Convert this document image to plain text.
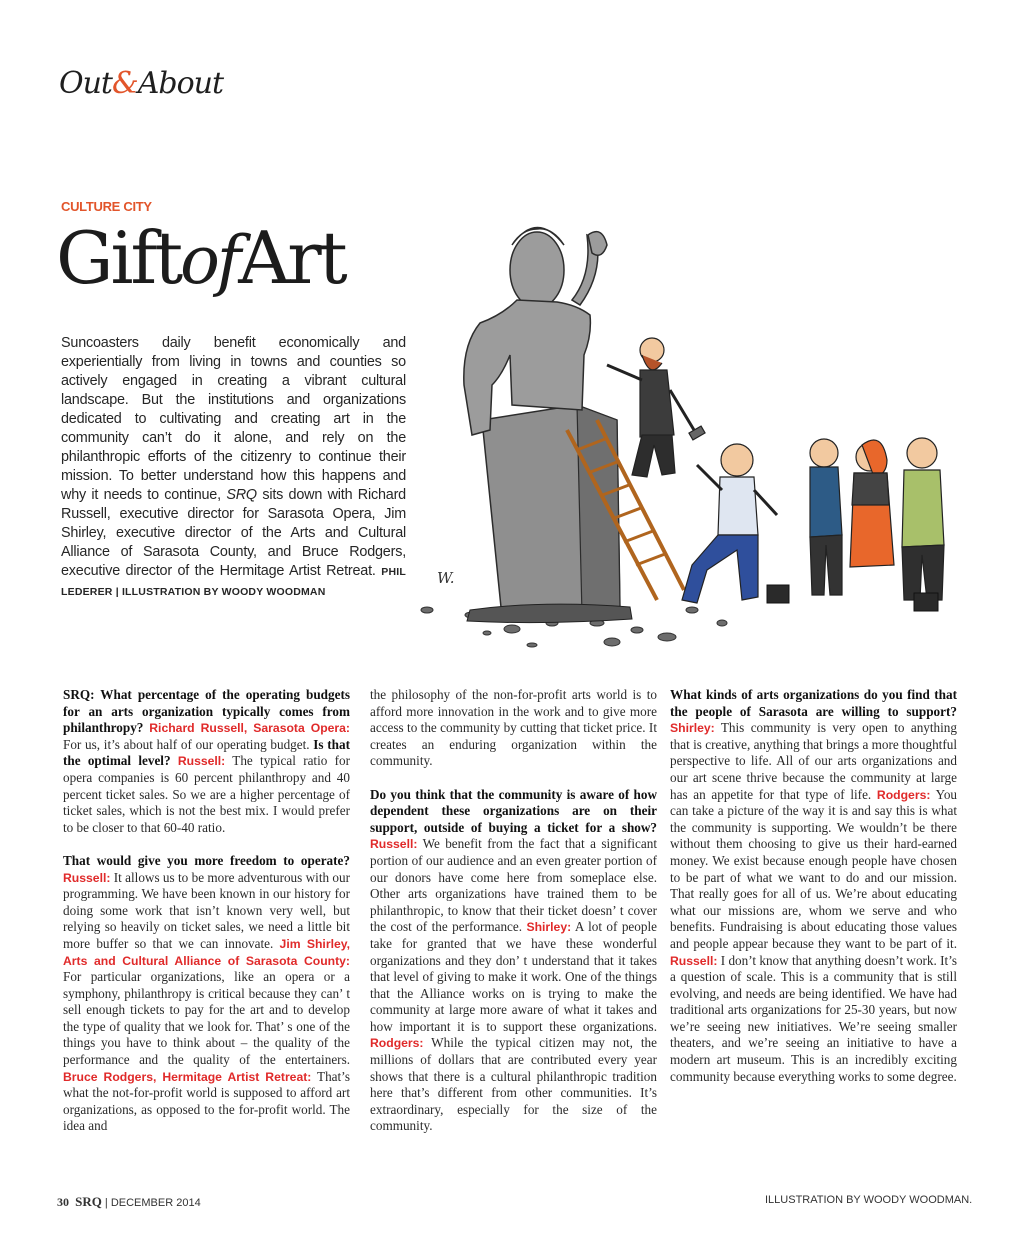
Out&About
CULTURE CITY
GiftofArt
Suncoasters daily benefit economically and experientially from living in towns and counties so actively engaged in creating a vibrant cultural landscape. But the institutions and organizations dedicated to cultivating and creating art in the community can’t do it alone, and rely on the philanthropic efforts of the citizenry to continue their mission. To better understand how this happens and why it needs to continue, SRQ sits down with Richard Russell, executive director for Sarasota Opera, Jim Shirley, executive director of the Arts and Cultural Alliance of Sarasota County, and Bruce Rodgers, executive director of the Hermitage Artist Retreat. PHIL LEDERER | ILLUSTRATION BY WOODY WOODMAN
W.

SRQ: What percentage of the operating budgets for an arts organization typically comes from philanthropy? Richard Russell, Sarasota Opera: For us, it’s about half of our operating budget. Is that the optimal level? Russell: The typical ratio for opera companies is 60 percent philanthropy and 40 percent ticket sales. So we are a higher percentage of ticket sales, which is not the best mix. I would prefer to be closer to that 60-40 ratio.

That would give you more freedom to operate? Russell: It allows us to be more adventurous with our programming. We have been known in our history for doing some work that isn’t known very well, but relying so heavily on ticket sales, we need a little bit more buffer so that we can innovate. Jim Shirley, Arts and Cultural Alliance of Sarasota County: For particular organizations, like an opera or a symphony, philanthropy is critical because they can’ t sell enough tickets to pay for the art and to develop the type of quality that we look for. That’ s one of the things you have to think about – the quality of the performance and the quality of the entertainers. Bruce Rodgers, Hermitage Artist Retreat: That’s what the not-for-profit world is supposed to afford art organizations, as opposed to the for-profit world. The idea and

the philosophy of the non-for-profit arts world is to afford more innovation in the work and to give more access to the community by cutting that ticket price. It creates an enduring organization within the community.

Do you think that the community is aware of how dependent these organizations are on their support, outside of buying a ticket for a show? Russell: We benefit from the fact that a significant portion of our audience and an even greater portion of our donors have come here from someplace else. Other arts organizations have trained them to be philanthropic, to know that their ticket doesn’ t cover the cost of the performance. Shirley: A lot of people take for granted that we have these wonderful organizations and they don’ t understand that it takes that level of giving to make it work. One of the things that the Alliance works on is trying to make the community at large more aware of what it takes and how important it is to support these organizations. Rodgers: While the typical citizen may not, the millions of dollars that are contributed every year shows that there is a cultural philanthropic tradition here that’s different from other communities. It’s extraordinary, especially for the size of the community.

What kinds of arts organizations do you find that the people of Sarasota are willing to support? Shirley: This community is very open to anything that is creative, anything that brings a more thoughtful perspective to life. All of our arts organizations and our art scene thrive because the community at large has an appetite for that type of life. Rodgers: You can take a picture of the way it is and say this is what the community is supporting. We wouldn’t be there without them choosing to give us their hard-earned money. We exist because enough people have chosen to be part of what we want to do and our mission. That really goes for all of us. We’re about educating what our missions are, whom we serve and who benefits. Fundraising is about educating those values and people appear because they want to be part of it. Russell: I don’t know that anything doesn’t work. It’s a question of scale. This is a community that is still evolving, and needs are being identified. We have had traditional arts organizations for 25-30 years, but now we’re seeing new initiatives. We’re seeing smaller theaters, and we’re seeing an initiative to have a modern art museum. This is an incredibly exciting community because everything works to some degree.

30 SRQ | DECEMBER 2014	ILLUSTRATION BY WOODY WOODMAN.
